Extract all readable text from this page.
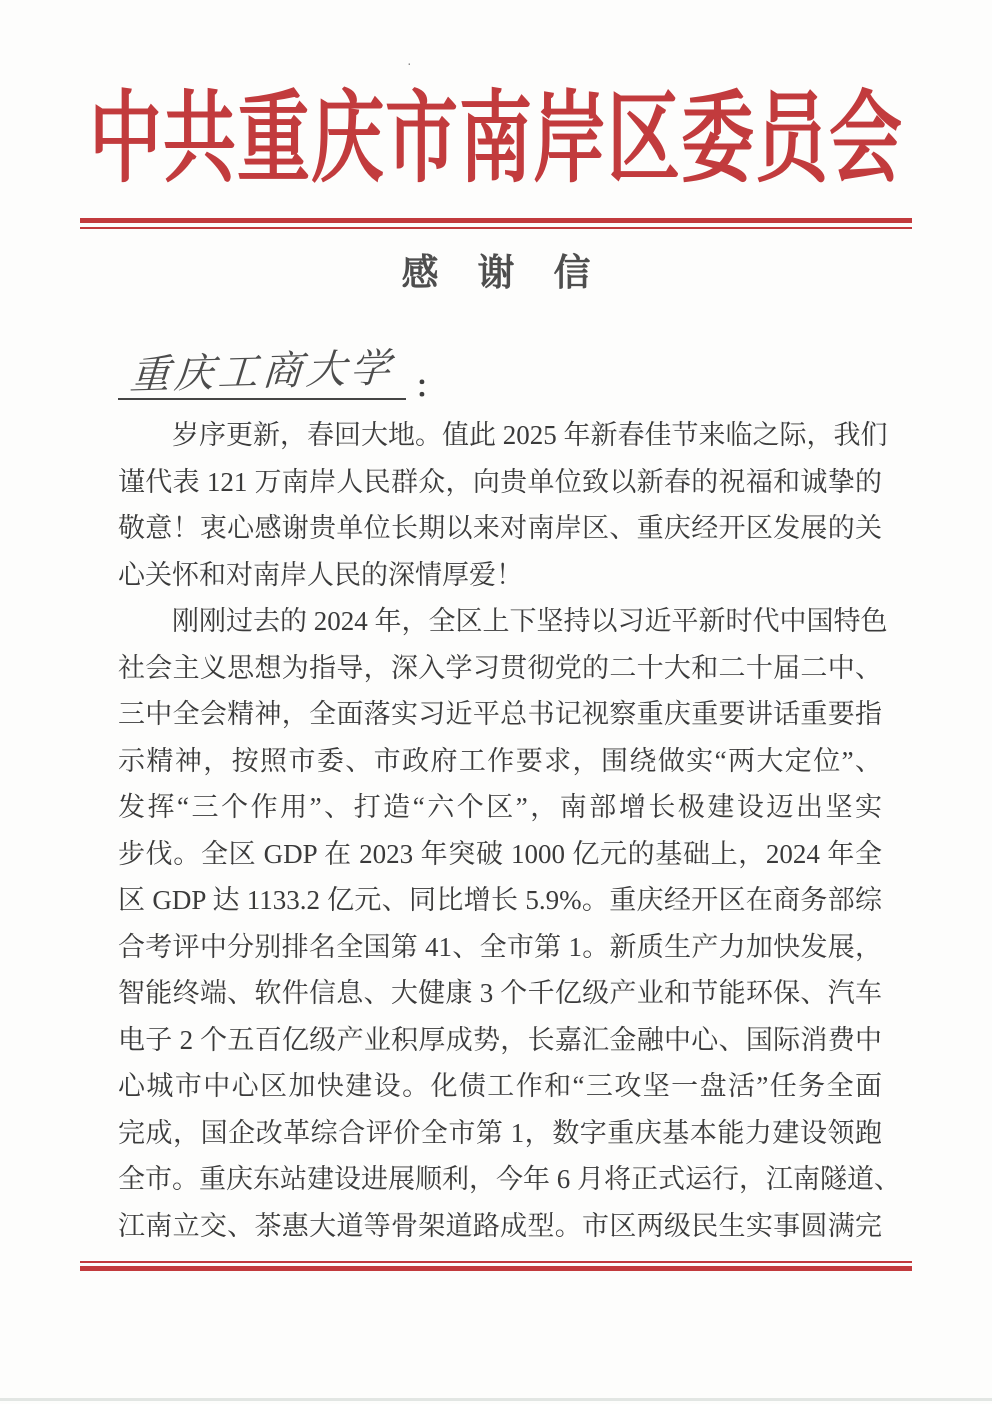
·
中共重庆市南岸区委员会
感谢信
重庆工商大学 ：
岁序更新，春回大地。值此 2025 年新春佳节来临之际，我们
谨代表 121 万南岸人民群众，向贵单位致以新春的祝福和诚挚的
敬意！衷心感谢贵单位长期以来对南岸区、重庆经开区发展的关
心关怀和对南岸人民的深情厚爱！
刚刚过去的 2024 年，全区上下坚持以习近平新时代中国特色
社会主义思想为指导，深入学习贯彻党的二十大和二十届二中、
三中全会精神，全面落实习近平总书记视察重庆重要讲话重要指
示精神，按照市委、市政府工作要求，围绕做实“两大定位”、
发挥“三个作用”、打造“六个区”，南部增长极建设迈出坚实
步伐。全区 GDP 在 2023 年突破 1000 亿元的基础上，2024 年全
区 GDP 达 1133.2 亿元、同比增长 5.9%。重庆经开区在商务部综
合考评中分别排名全国第 41、全市第 1。新质生产力加快发展，
智能终端、软件信息、大健康 3 个千亿级产业和节能环保、汽车
电子 2 个五百亿级产业积厚成势，长嘉汇金融中心、国际消费中
心城市中心区加快建设。化债工作和“三攻坚一盘活”任务全面
完成，国企改革综合评价全市第 1，数字重庆基本能力建设领跑
全市。重庆东站建设进展顺利，今年 6 月将正式运行，江南隧道、
江南立交、茶惠大道等骨架道路成型。市区两级民生实事圆满完
